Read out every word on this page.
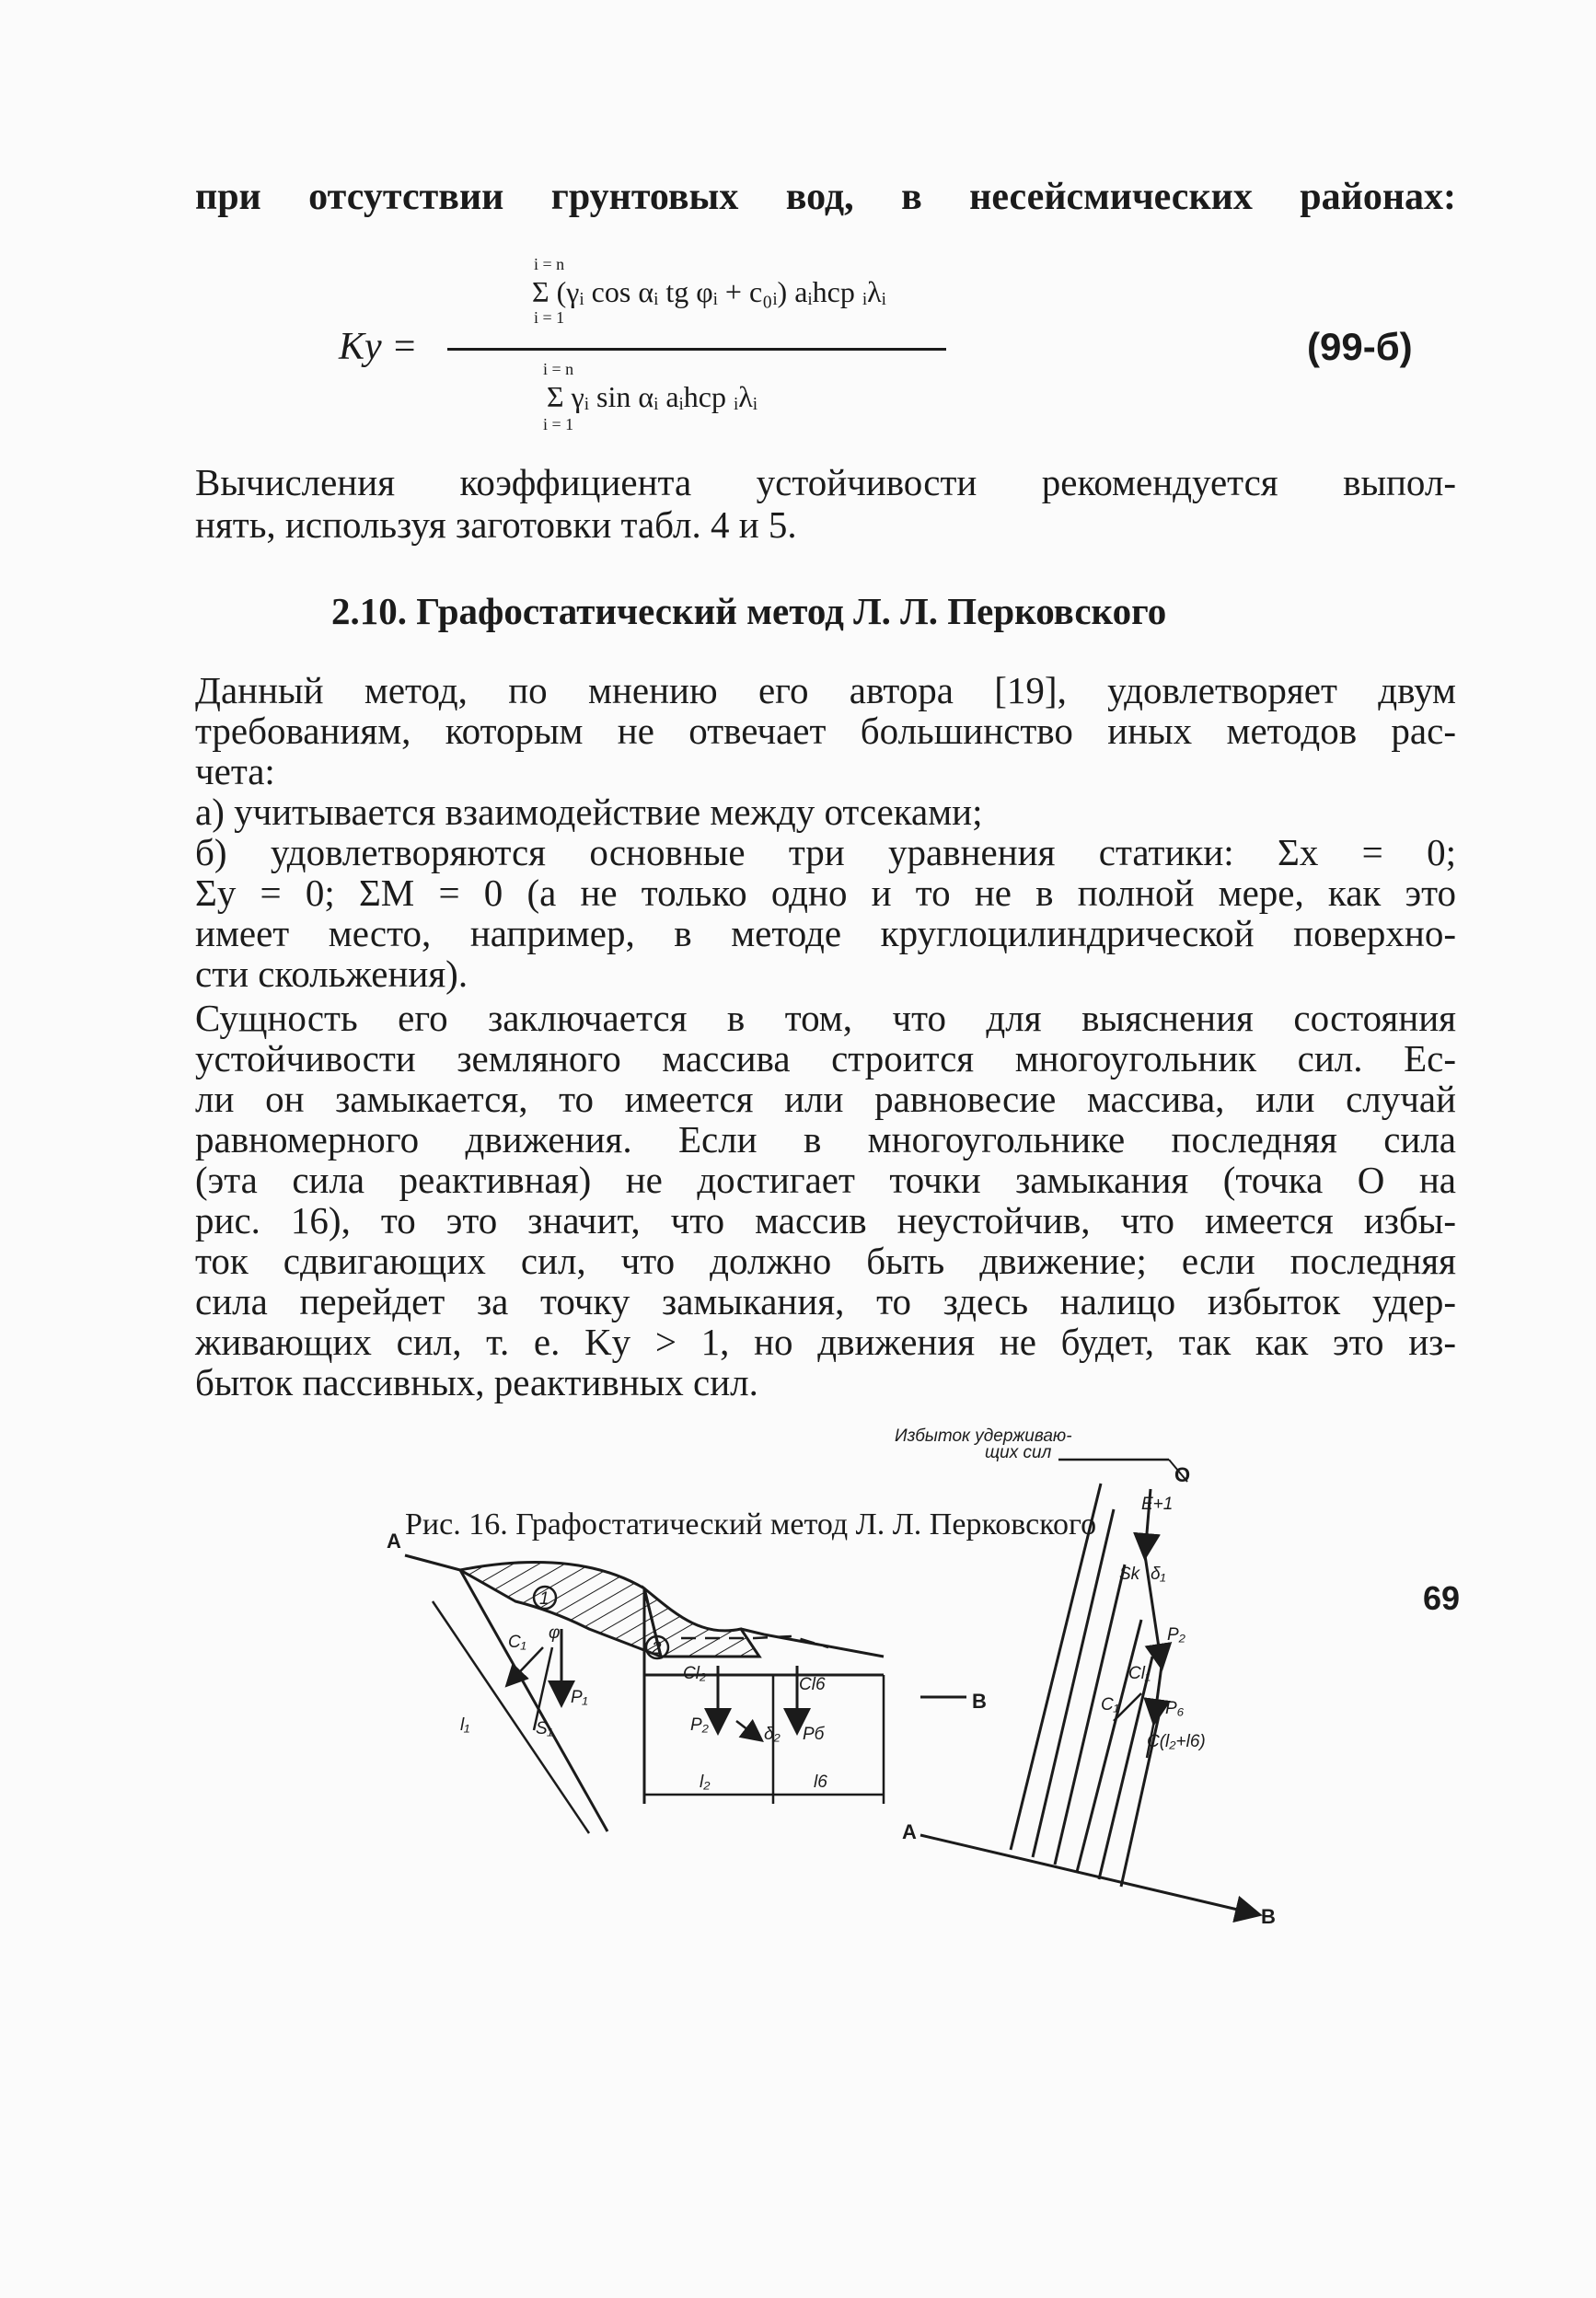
при отсутствии грунтовых вод, в несейсмических районах:
Kу =
i = n
Σ (γᵢ cos αᵢ tg φᵢ + c₀ᵢ) aᵢhср ᵢλᵢ
i = 1
i = n
Σ γᵢ sin αᵢ aᵢhср ᵢλᵢ
i = 1
(99-б)
Вычисления коэффициента устойчивости рекомендуется выпол-
нять, используя заготовки табл. 4 и 5.
2.10. Графостатический метод Л. Л. Перковского
Данный метод, по мнению его автора [19], удовлетворяет двум
требованиям, которым не отвечает большинство иных методов рас-
чета:
а) учитывается взаимодействие между отсеками;
б) удовлетворяются основные три уравнения статики: Σx = 0;
Σy = 0; ΣM = 0 (а не только одно и то не в полной мере, как это
имеет место, например, в методе круглоцилиндрической поверхно-
сти скольжения).
Сущность его заключается в том, что для выяснения состояния
устойчивости земляного массива строится многоугольник сил. Ес-
ли он замыкается, то имеется или равновесие массива, или случай
равномерного движения. Если в многоугольнике последняя сила
(эта сила реактивная) не достигает точки замыкания (точка O на
рис. 16), то это значит, что массив неустойчив, что имеется избы-
ток сдвигающих сил, что должно быть движение; если последняя
сила перейдет за точку замыкания, то здесь налицо избыток удер-
живающих сил, т. е. Kу > 1, но движения не будет, так как это из-
быток пассивных, реактивных сил.
А
В
1
2
C₁ φ
P₁
S₁
l₁
Cl₂
P₂	δ₂
Cl6
Pб
l₂	l6
Избыток удерживаю-
щих сил
О
Е+1
Sk δ₁
P₂
Cl₁
C₁	P₆
C(l₂+l6)
А
В
Рис. 16. Графостатический метод Л. Л. Перковского
69
